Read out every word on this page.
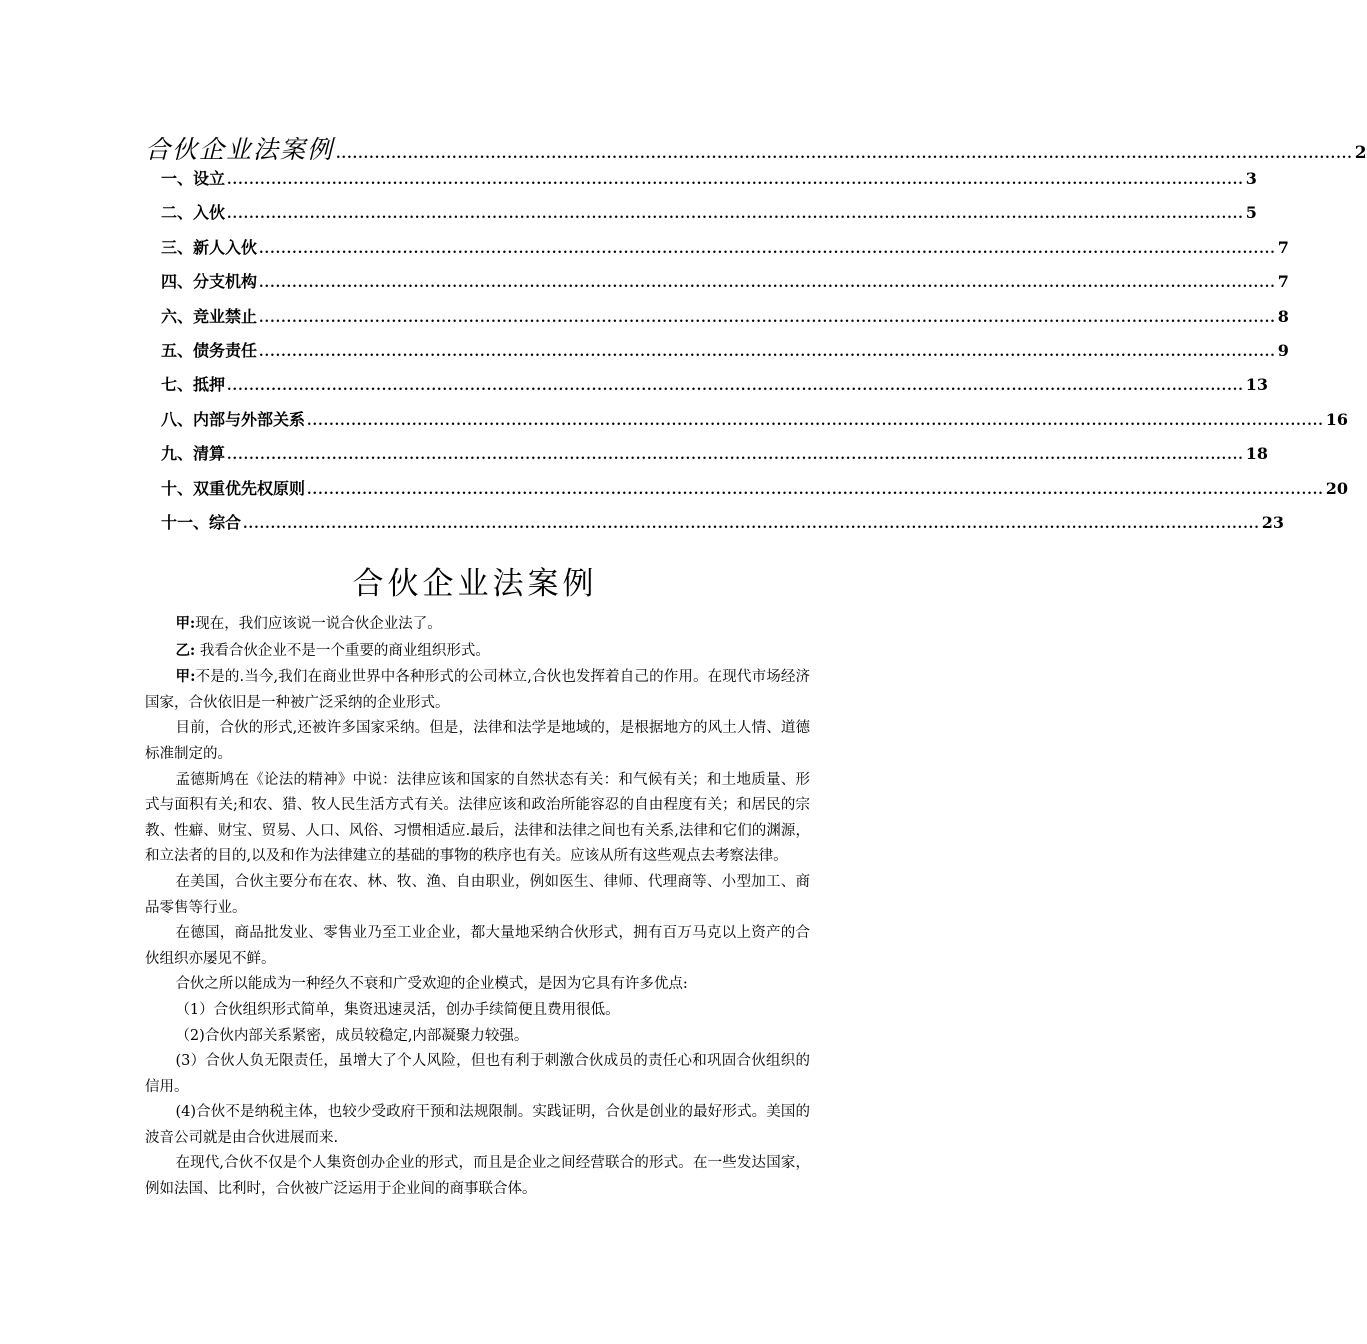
合伙企业法案例 ........................................................................................................................................................................................ 2
一、设立 ........................................................................................................................................................................................ 3
二、入伙 ........................................................................................................................................................................................ 5
三、新人入伙 ........................................................................................................................................................................................ 7
四、分支机构 ........................................................................................................................................................................................ 7
六、竞业禁止 ........................................................................................................................................................................................ 8
五、债务责任 ........................................................................................................................................................................................ 9
七、抵押 ........................................................................................................................................................................................ 13
八、内部与外部关系 ........................................................................................................................................................................................ 16
九、清算 ........................................................................................................................................................................................ 18
十、双重优先权原则 ........................................................................................................................................................................................ 20
十一、综合 ........................................................................................................................................................................................ 23
合伙企业法案例

甲:现在，我们应该说一说合伙企业法了。

乙: 我看合伙企业不是一个重要的商业组织形式。

甲:不是的.当今,我们在商业世界中各种形式的公司林立,合伙也发挥着自己的作用。在现代市场经济国家，合伙依旧是一种被广泛采纳的企业形式。

目前，合伙的形式,还被许多国家采纳。但是，法律和法学是地域的，是根据地方的风土人情、道德标准制定的。

孟德斯鸠在《论法的精神》中说：法律应该和国家的自然状态有关：和气候有关；和土地质量、形式与面积有关;和农、猎、牧人民生活方式有关。法律应该和政治所能容忍的自由程度有关；和居民的宗教、性癖、财宝、贸易、人口、风俗、习惯相适应.最后，法律和法律之间也有关系,法律和它们的渊源，和立法者的目的,以及和作为法律建立的基础的事物的秩序也有关。应该从所有这些观点去考察法律。

在美国，合伙主要分布在农、林、牧、渔、自由职业，例如医生、律师、代理商等、小型加工、商品零售等行业。

在德国，商品批发业、零售业乃至工业企业，都大量地采纳合伙形式，拥有百万马克以上资产的合伙组织亦屡见不鲜。

合伙之所以能成为一种经久不衰和广受欢迎的企业模式，是因为它具有许多优点:

（1）合伙组织形式简单，集资迅速灵活，创办手续简便且费用很低。

（2)合伙内部关系紧密，成员较稳定,内部凝聚力较强。

(3）合伙人负无限责任，虽增大了个人风险，但也有利于刺激合伙成员的责任心和巩固合伙组织的信用。

(4)合伙不是纳税主体，也较少受政府干预和法规限制。实践证明，合伙是创业的最好形式。美国的波音公司就是由合伙进展而来.

在现代,合伙不仅是个人集资创办企业的形式，而且是企业之间经营联合的形式。在一些发达国家，例如法国、比利时，合伙被广泛运用于企业间的商事联合体。
